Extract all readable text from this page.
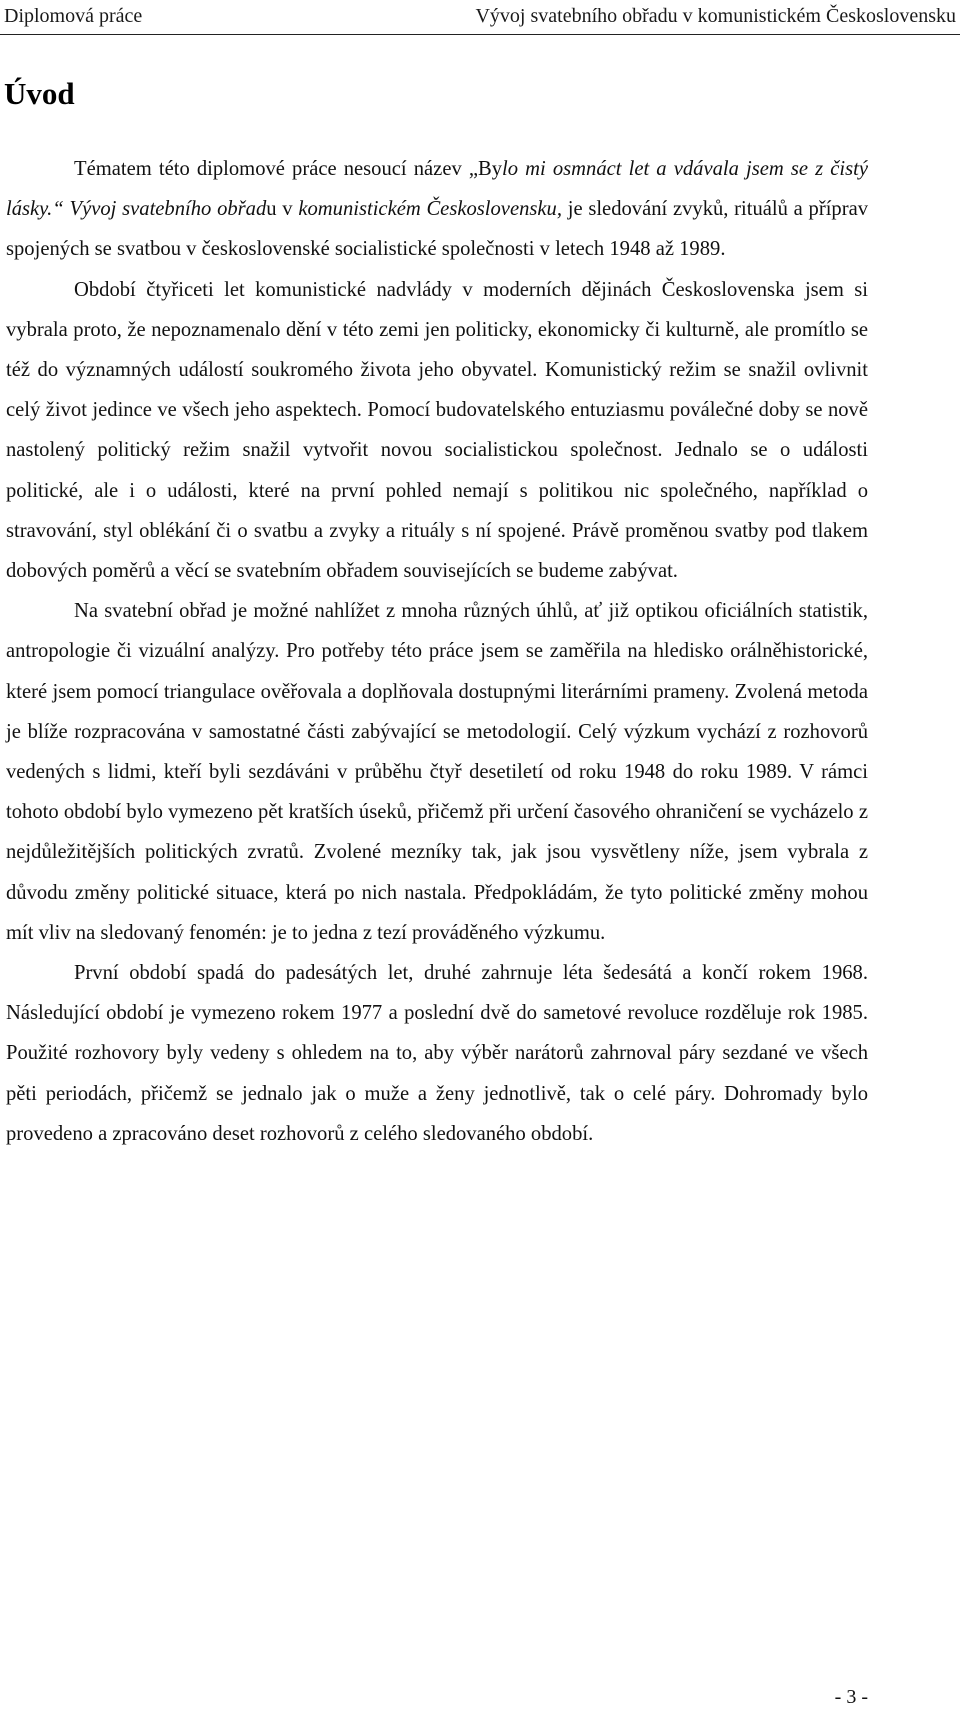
Diplomová práce	Vývoj svatebního obřadu v komunistickém Československu
Úvod

Tématem této diplomové práce nesoucí název „Bylo mi osmnáct let a vdávala jsem se z čistý lásky.“ Vývoj svatebního obřadu v komunistickém Československu, je sledování zvyků, rituálů a příprav spojených se svatbou v československé socialistické společnosti v letech 1948 až 1989.

Období čtyřiceti let komunistické nadvlády v moderních dějinách Československa jsem si vybrala proto, že nepoznamenalo dění v této zemi jen politicky, ekonomicky či kulturně, ale promítlo se též do významných událostí soukromého života jeho obyvatel. Komunistický režim se snažil ovlivnit celý život jedince ve všech jeho aspektech. Pomocí budovatelského entuziasmu poválečné doby se nově nastolený politický režim snažil vytvořit novou socialistickou společnost. Jednalo se o události politické, ale i o události, které na první pohled nemají s politikou nic společného, například o stravování, styl oblékání či o svatbu a zvyky a rituály s ní spojené. Právě proměnou svatby pod tlakem dobových poměrů a věcí se svatebním obřadem souvisejících se budeme zabývat.

Na svatební obřad je možné nahlížet z mnoha různých úhlů, ať již optikou oficiálních statistik, antropologie či vizuální analýzy. Pro potřeby této práce jsem se zaměřila na hledisko orálněhistorické, které jsem pomocí triangulace ověřovala a doplňovala dostupnými literárními prameny. Zvolená metoda je blíže rozpracována v samostatné části zabývající se metodologií. Celý výzkum vychází z rozhovorů vedených s lidmi, kteří byli sezdáváni v průběhu čtyř desetiletí od roku 1948 do roku 1989. V rámci tohoto období bylo vymezeno pět kratších úseků, přičemž při určení časového ohraničení se vycházelo z nejdůležitějších politických zvratů. Zvolené mezníky tak, jak jsou vysvětleny níže, jsem vybrala z důvodu změny politické situace, která po nich nastala. Předpokládám, že tyto politické změny mohou mít vliv na sledovaný fenomén: je to jedna z tezí prováděného výzkumu.

První období spadá do padesátých let, druhé zahrnuje léta šedesátá a končí rokem 1968. Následující období je vymezeno rokem 1977 a poslední dvě do sametové revoluce rozděluje rok 1985. Použité rozhovory byly vedeny s ohledem na to, aby výběr narátorů zahrnoval páry sezdané ve všech pěti periodách, přičemž se jednalo jak o muže a ženy jednotlivě, tak o celé páry. Dohromady bylo provedeno a zpracováno deset rozhovorů z celého sledovaného období.

- 3 -
